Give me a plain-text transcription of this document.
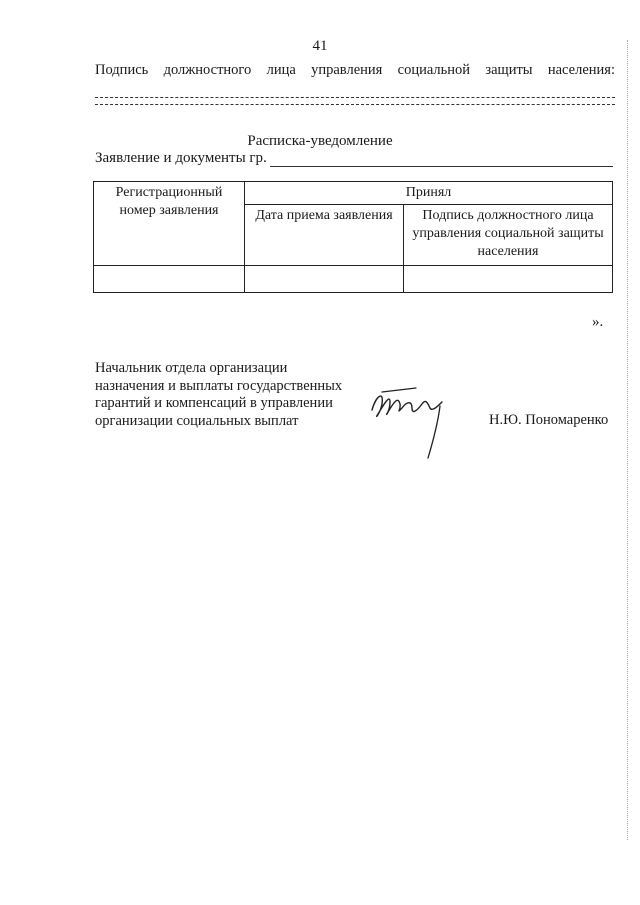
41
Подпись должностного лица управления социальной защиты населения:
Расписка-уведомление
Заявление и документы гр.
Регистрационный номер заявления	Принял	
	Дата приема заявления	Подпись должностного лица управления социальной защиты населения

».
Начальник отдела организации
назначения и выплаты государственных
гарантий и компенсаций в управлении
организации социальных выплат	Н.Ю. Пономаренко
